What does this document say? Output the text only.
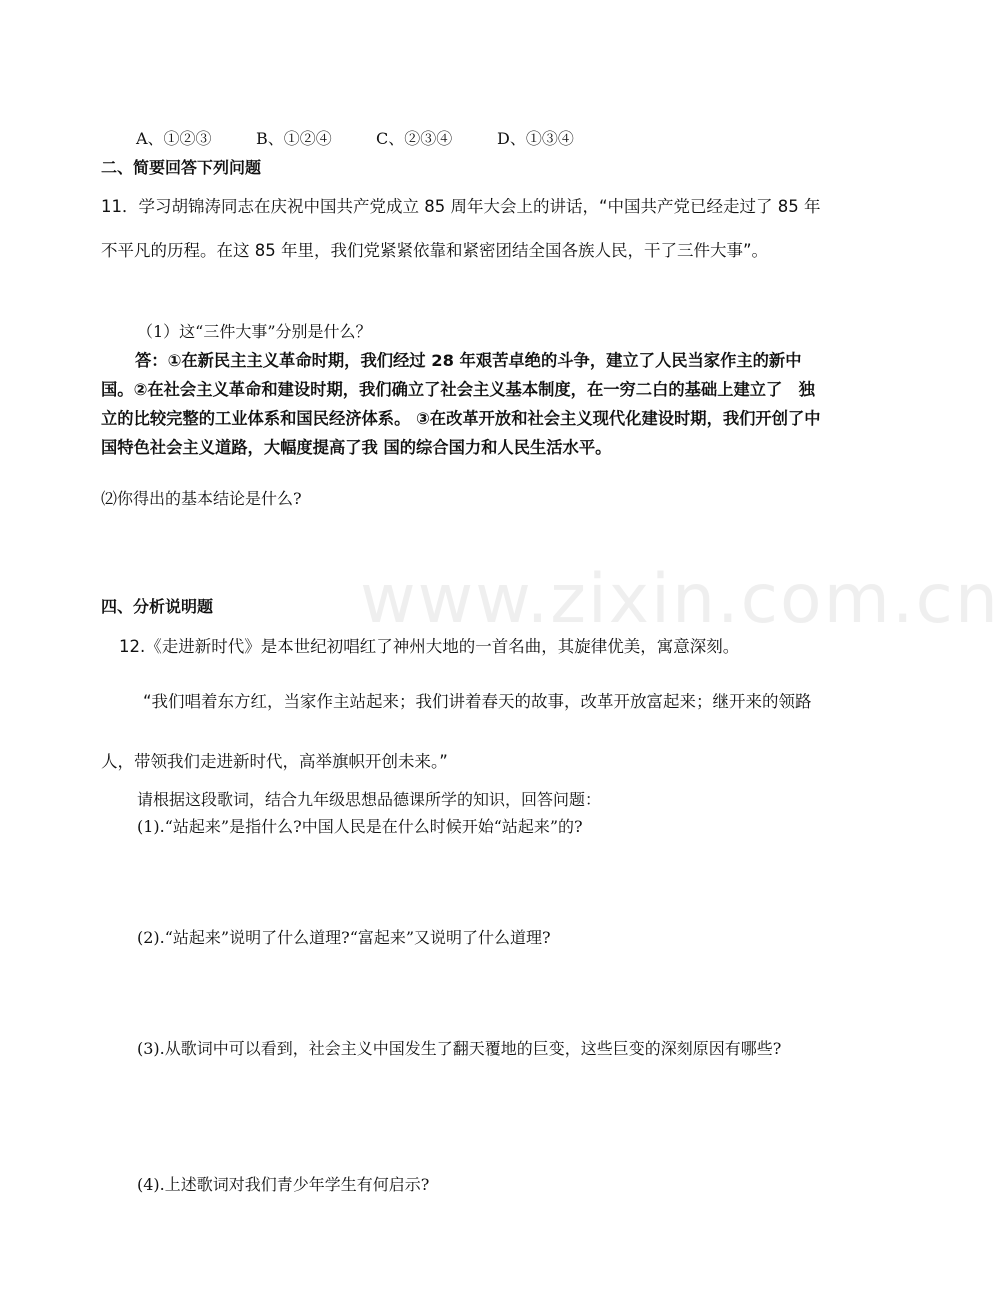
A、①②③	B、①②④	C、②③④	D、①③④
二、简要回答下列问题
11．学习胡锦涛同志在庆祝中国共产党成立 85 周年大会上的讲话，“中国共产党已经走过了 85 年不平凡的历程。在这 85 年里，我们党紧紧依靠和紧密团结全国各族人民，干了三件大事”。
（1）这“三件大事”分别是什么？
答：①在新民主主义革命时期，我们经过 28 年艰苦卓绝的斗争，建立了人民当家作主的新中国。②在社会主义革命和建设时期，我们确立了社会主义基本制度，在一穷二白的基础上建立了　独立的比较完整的工业体系和国民经济体系。 ③在改革开放和社会主义现代化建设时期，我们开创了中国特色社会主义道路，大幅度提高了我 国的综合国力和人民生活水平。
⑵你得出的基本结论是什么?
www.zixin.com.cn
四、分析说明题
12.《走进新时代》是本世纪初唱红了神州大地的一首名曲，其旋律优美，寓意深刻。
“我们唱着东方红，当家作主站起来；我们讲着春天的故事，改革开放富起来；继开来的领路人，带领我们走进新时代，高举旗帜开创未来。”
请根据这段歌词，结合九年级思想品德课所学的知识，回答问题：
(1).“站起来”是指什么?中国人民是在什么时候开始“站起来”的?
(2).“站起来”说明了什么道理?“富起来”又说明了什么道理?
(3).从歌词中可以看到，社会主义中国发生了翻天覆地的巨变，这些巨变的深刻原因有哪些?
(4).上述歌词对我们青少年学生有何启示?
